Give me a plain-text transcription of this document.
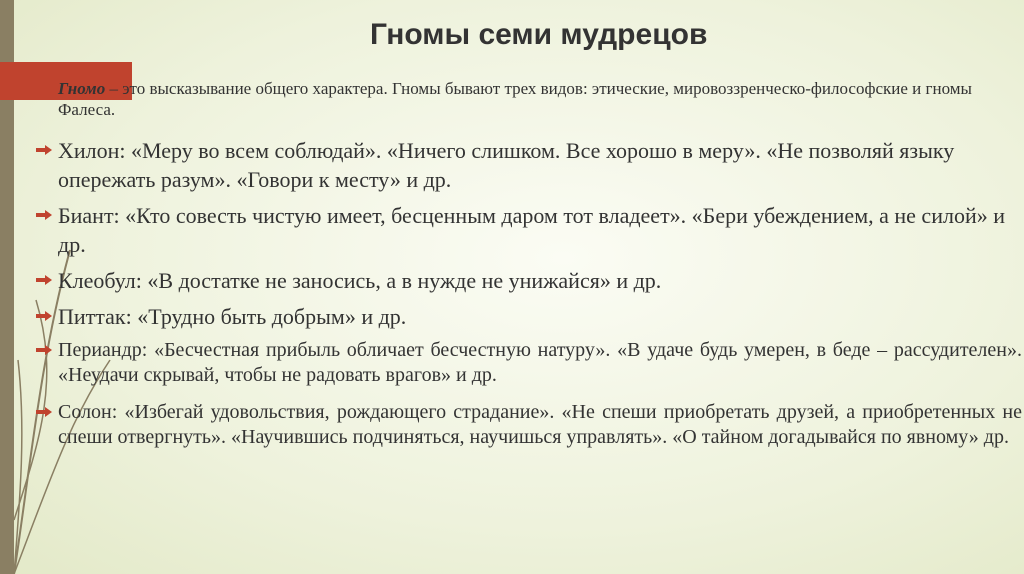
Гномы семи мудрецов
Гномо – это высказывание общего характера. Гномы бывают трех видов: этические, мировоззренческо-философские и гномы Фалеса.
Хилон: «Меру во всем соблюдай». «Ничего слишком. Все хорошо в меру». «Не позволяй языку опережать разум». «Говори к месту» и др.
Биант: «Кто совесть чистую имеет, бесценным даром тот владеет». «Бери убеждением, а не силой» и др.
Клеобул: «В достатке не заносись, а в нужде не унижайся» и др.
Питтак: «Трудно быть добрым» и др.
Периандр: «Бесчестная прибыль обличает бесчестную натуру». «В удаче будь умерен, в беде – рассудителен». «Неудачи скрывай, чтобы не радовать врагов» и др.
Солон: «Избегай удовольствия, рождающего страдание». «Не спеши приобретать друзей, а приобретенных не спеши отвергнуть». «Научившись подчиняться, научишься управлять». «О тайном догадывайся по явному» др.
